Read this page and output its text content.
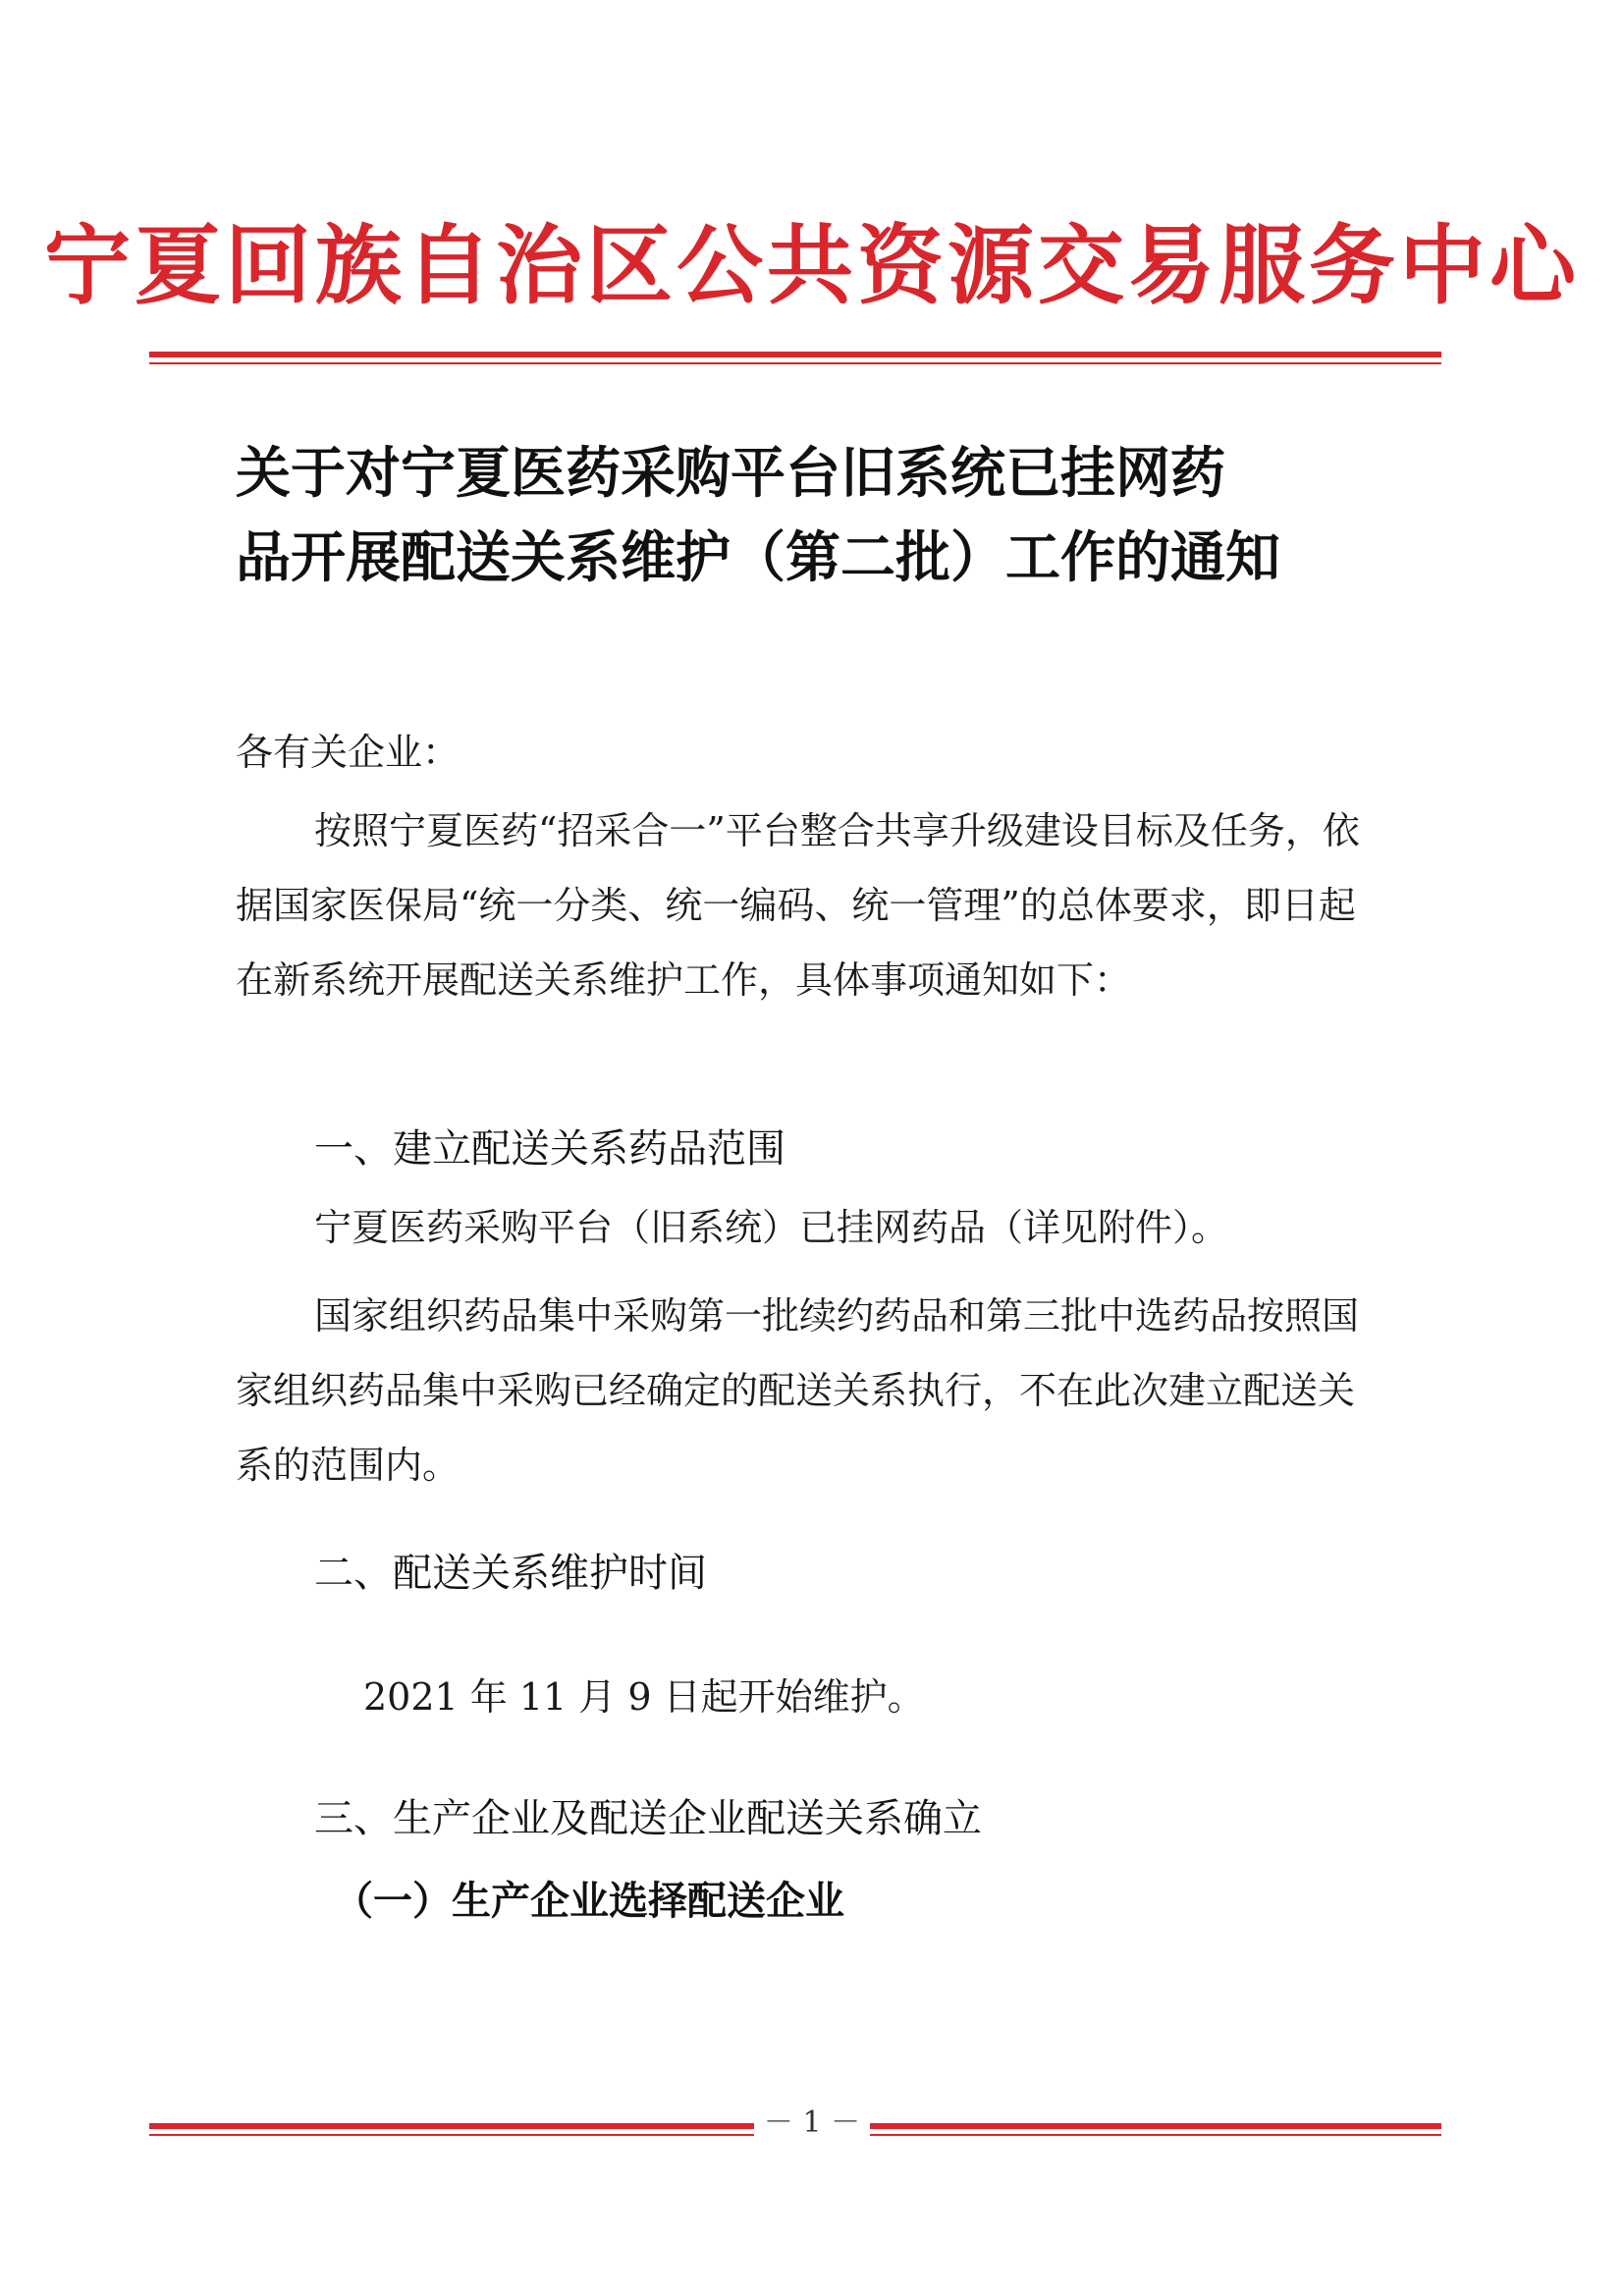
宁夏回族自治区公共资源交易服务中心
关于对宁夏医药采购平台旧系统已挂网药
品开展配送关系维护（第二批）工作的通知
各有关企业：
按照宁夏医药“招采合一”平台整合共享升级建设目标及任务，依据国家医保局“统一分类、统一编码、统一管理”的总体要求，即日起在新系统开展配送关系维护工作，具体事项通知如下：
一、建立配送关系药品范围
宁夏医药采购平台（旧系统）已挂网药品（详见附件）。
国家组织药品集中采购第一批续约药品和第三批中选药品按照国家组织药品集中采购已经确定的配送关系执行，不在此次建立配送关系的范围内。
二、配送关系维护时间
2021 年 11 月 9 日起开始维护。
三、生产企业及配送企业配送关系确立
（一）生产企业选择配送企业
－ 1 －
